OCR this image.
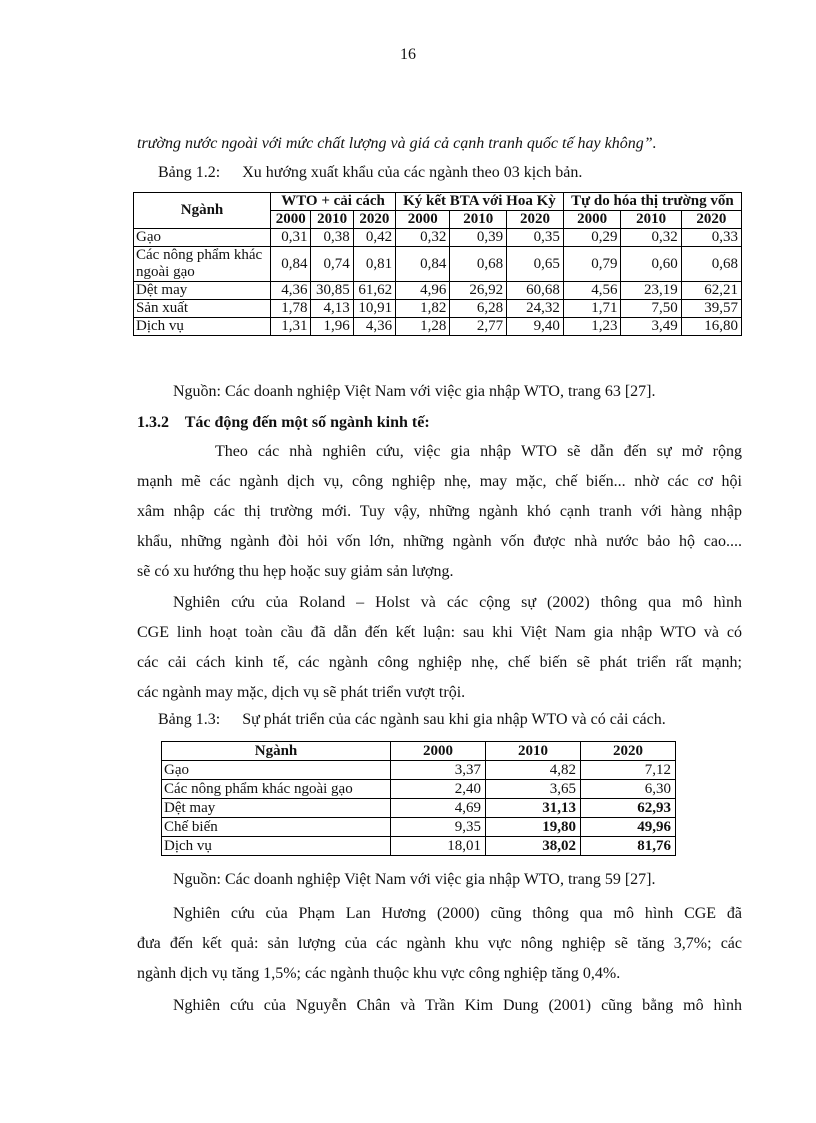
16
trường nước ngoài với mức chất lượng và giá cả cạnh tranh quốc tế hay không”.
Bảng 1.2: Xu hướng xuất khẩu của các ngành theo 03 kịch bản.
Ngành	WTO + cải cách			Ký kết BTA với Hoa Kỳ			Tự do hóa thị trường vốn		
	2000	2010	2020	2000	2010	2020	2000	2010	2020
Gạo	0,31	0,38	0,42	0,32	0,39	0,35	0,29	0,32	0,33
Các nông phẩm khác ngoài gạo	0,84	0,74	0,81	0,84	0,68	0,65	0,79	0,60	0,68
Dệt may	4,36	30,85	61,62	4,96	26,92	60,68	4,56	23,19	62,21
Sản xuất	1,78	4,13	10,91	1,82	6,28	24,32	1,71	7,50	39,57
Dịch vụ	1,31	1,96	4,36	1,28	2,77	9,40	1,23	3,49	16,80
Nguồn: Các doanh nghiệp Việt Nam với việc gia nhập WTO, trang 63 [27].
1.3.2 Tác động đến một số ngành kinh tế:
Theo các nhà nghiên cứu, việc gia nhập WTO sẽ dẫn đến sự mở rộng
mạnh mẽ các ngành dịch vụ, công nghiệp nhẹ, may mặc, chế biến... nhờ các cơ hội
xâm nhập các thị trường mới. Tuy vậy, những ngành khó cạnh tranh với hàng nhập
khẩu, những ngành đòi hỏi vốn lớn, những ngành vốn được nhà nước bảo hộ cao....
sẽ có xu hướng thu hẹp hoặc suy giảm sản lượng.
Nghiên cứu của Roland – Holst và các cộng sự (2002) thông qua mô hình
CGE linh hoạt toàn cầu đã dẫn đến kết luận: sau khi Việt Nam gia nhập WTO và có
các cải cách kinh tế, các ngành công nghiệp nhẹ, chế biến sẽ phát triển rất mạnh;
các ngành may mặc, dịch vụ sẽ phát triển vượt trội.
Bảng 1.3: Sự phát triển của các ngành sau khi gia nhập WTO và có cải cách.
Ngành	2000	2010	2020
Gạo	3,37	4,82	7,12
Các nông phẩm khác ngoài gạo	2,40	3,65	6,30
Dệt may	4,69	31,13	62,93
Chế biến	9,35	19,80	49,96
Dịch vụ	18,01	38,02	81,76
Nguồn: Các doanh nghiệp Việt Nam với việc gia nhập WTO, trang 59 [27].
Nghiên cứu của Phạm Lan Hương (2000) cũng thông qua mô hình CGE đã
đưa đến kết quả: sản lượng của các ngành khu vực nông nghiệp sẽ tăng 3,7%; các
ngành dịch vụ tăng 1,5%; các ngành thuộc khu vực công nghiệp tăng 0,4%.
Nghiên cứu của Nguyễn Chân và Trần Kim Dung (2001) cũng bằng mô hình
